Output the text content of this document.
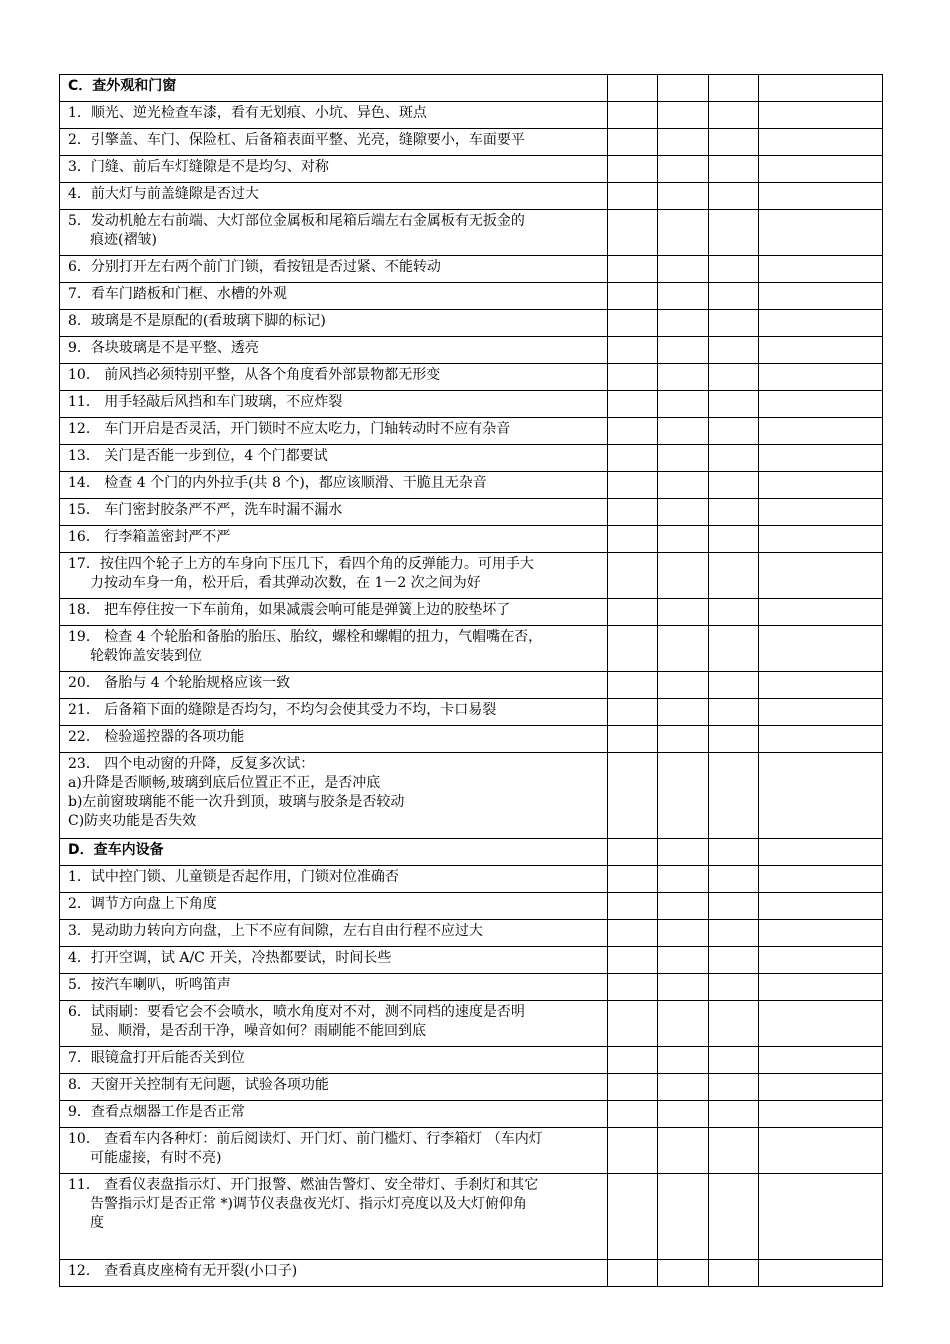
C．查外观和门窗				

1．顺光、逆光检查车漆，看有无划痕、小坑、异色、斑点				

2．引擎盖、车门、保险杠、后备箱表面平整、光亮，缝隙要小，车面要平				

3．门缝、前后车灯缝隙是不是均匀、对称				

4．前大灯与前盖缝隙是否过大				

5．发动机舱左右前端、大灯部位金属板和尾箱后端左右金属板有无扳金的
痕迹(褶皱)				

6．分别打开左右两个前门门锁，看按钮是否过紧、不能转动				

7．看车门踏板和门框、水槽的外观				

8．玻璃是不是原配的(看玻璃下脚的标记)				

9．各块玻璃是不是平整、透亮				

10． 前风挡必须特别平整，从各个角度看外部景物都无形变				

11． 用手轻敲后风挡和车门玻璃，不应炸裂				

12． 车门开启是否灵活，开门锁时不应太吃力，门轴转动时不应有杂音				

13． 关门是否能一步到位，4 个门都要试				

14． 检查 4 个门的内外拉手(共 8 个)，都应该顺滑、干脆且无杂音				

15． 车门密封胶条严不严，洗车时漏不漏水				

16． 行李箱盖密封严不严				

17．按住四个轮子上方的车身向下压几下，看四个角的反弹能力。可用手大
力按动车身一角，松开后，看其弹动次数，在 1－2 次之间为好				

18． 把车停住按一下车前角，如果减震会响可能是弹簧上边的胶垫坏了				

19． 检查 4 个轮胎和备胎的胎压、胎纹，螺栓和螺帽的扭力，气帽嘴在否，
轮毂饰盖安装到位				

20． 备胎与 4 个轮胎规格应该一致				

21． 后备箱下面的缝隙是否均匀，不均匀会使其受力不均，卡口易裂				

22． 检验遥控器的各项功能				

23． 四个电动窗的升降，反复多次试：
a)升降是否顺畅,玻璃到底后位置正不正，是否冲底
b)左前窗玻璃能不能一次升到顶，玻璃与胶条是否较动
C)防夹功能是否失效				

D．查车内设备				

1．试中控门锁、儿童锁是否起作用，门锁对位准确否				

2．调节方向盘上下角度				

3．晃动助力转向方向盘，上下不应有间隙，左右自由行程不应过大				

4．打开空调，试 A/C 开关，冷热都要试，时间长些				

5．按汽车喇叭，听鸣笛声				

6．试雨刷：要看它会不会喷水，喷水角度对不对，测不同档的速度是否明
显、顺滑，是否刮干净，噪音如何？雨刷能不能回到底				

7．眼镜盒打开后能否关到位				

8．天窗开关控制有无问题，试验各项功能				

9．查看点烟器工作是否正常				

10． 查看车内各种灯：前后阅读灯、开门灯、前门槛灯、行李箱灯 （车内灯
可能虚接，有时不亮)				

11． 查看仪表盘指示灯、开门报警、燃油告警灯、安全带灯、手刹灯和其它
告警指示灯是否正常 *)调节仪表盘夜光灯、指示灯亮度以及大灯俯仰角
度				

12． 查看真皮座椅有无开裂(小口子)				
